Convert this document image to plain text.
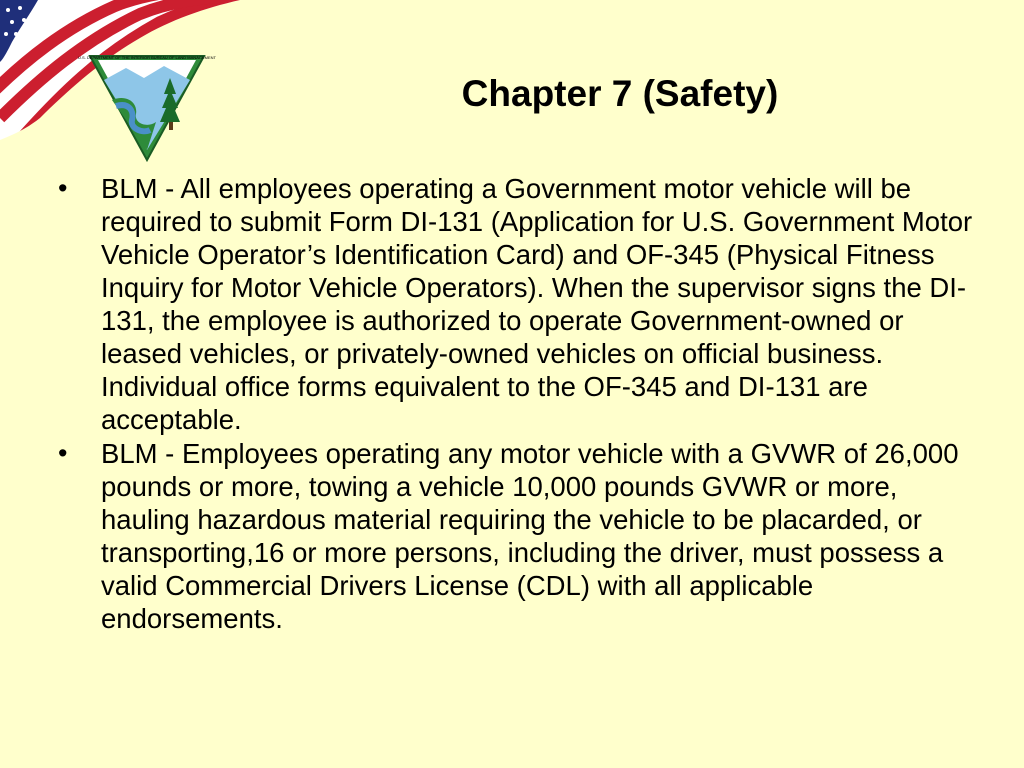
U.S. DEPARTMENT OF THE INTERIOR BUREAU OF LAND MANAGEMENT
Chapter 7 (Safety)
• BLM - All employees operating a Government motor vehicle will be required to submit Form DI-131 (Application for U.S. Government Motor Vehicle Operator’s Identification Card) and OF-345 (Physical Fitness Inquiry for Motor Vehicle Operators). When the supervisor signs the DI-131, the employee is authorized to operate Government-owned or leased vehicles, or privately-owned vehicles on official business. Individual office forms equivalent to the OF-345 and DI-131 are acceptable.
• BLM - Employees operating any motor vehicle with a GVWR of 26,000 pounds or more, towing a vehicle 10,000 pounds GVWR or more, hauling hazardous material requiring the vehicle to be placarded, or transporting,16 or more persons, including the driver, must possess a valid Commercial Drivers License (CDL) with all applicable endorsements.
